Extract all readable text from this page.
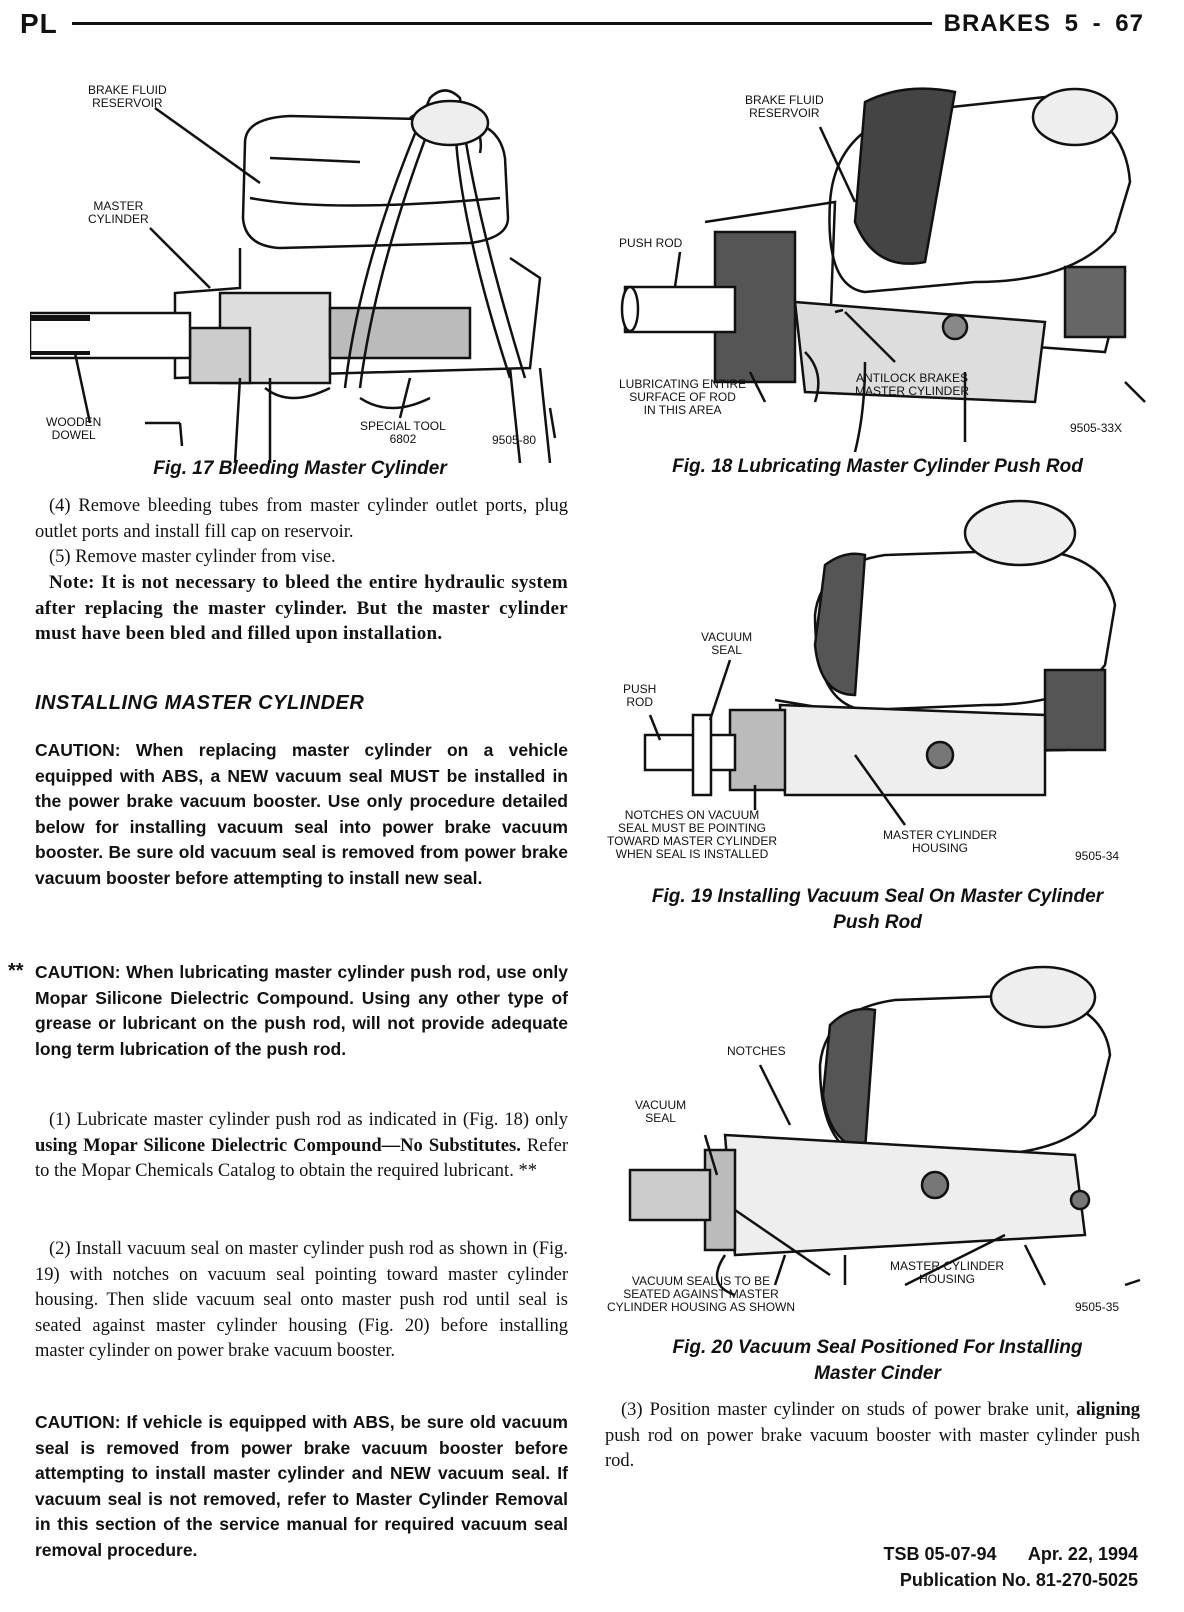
PL	BRAKES 5 - 67
BRAKE FLUID
RESERVOIR
MASTER
CYLINDER
WOODEN
DOWEL
SPECIAL TOOL
6802	9505-80
Fig. 17 Bleeding Master Cylinder
BRAKE FLUID
RESERVOIR
PUSH ROD
LUBRICATING ENTIRE
SURFACE OF ROD
IN THIS AREA
ANTILOCK BRAKES
MASTER CYLINDER
9505-33X
Fig. 18 Lubricating Master Cylinder Push Rod
VACUUM
SEAL
PUSH
ROD
NOTCHES ON VACUUM
SEAL MUST BE POINTING
TOWARD MASTER CYLINDER
WHEN SEAL IS INSTALLED
MASTER CYLINDER
HOUSING
9505-34
Fig. 19 Installing Vacuum Seal On Master Cylinder
Push Rod
NOTCHES
VACUUM
SEAL
VACUUM SEAL IS TO BE
SEATED AGAINST MASTER
CYLINDER HOUSING AS SHOWN
MASTER CYLINDER
HOUSING
9505-35
Fig. 20 Vacuum Seal Positioned For Installing
Master Cinder
(4) Remove bleeding tubes from master cylinder outlet ports, plug outlet ports and install fill cap on reservoir.
(5) Remove master cylinder from vise.
Note: It is not necessary to bleed the entire hydraulic system after replacing the master cylinder. But the master cylinder must have been bled and filled upon installation.
INSTALLING MASTER CYLINDER
CAUTION: When replacing master cylinder on a vehicle equipped with ABS, a NEW vacuum seal MUST be installed in the power brake vacuum booster. Use only procedure detailed below for installing vacuum seal into power brake vacuum booster. Be sure old vacuum seal is removed from power brake vacuum booster before attempting to install new seal.
** CAUTION: When lubricating master cylinder push rod, use only Mopar Silicone Dielectric Compound. Using any other type of grease or lubricant on the push rod, will not provide adequate long term lubrication of the push rod.
(1) Lubricate master cylinder push rod as indicated in (Fig. 18) only using Mopar Silicone Dielectric Compound—No Substitutes. Refer to the Mopar Chemicals Catalog to obtain the required lubricant. **
(2) Install vacuum seal on master cylinder push rod as shown in (Fig. 19) with notches on vacuum seal pointing toward master cylinder housing. Then slide vacuum seal onto master push rod until seal is seated against master cylinder housing (Fig. 20) before installing master cylinder on power brake vacuum booster.
CAUTION: If vehicle is equipped with ABS, be sure old vacuum seal is removed from power brake vacuum booster before attempting to install master cylinder and NEW vacuum seal. If vacuum seal is not removed, refer to Master Cylinder Removal in this section of the service manual for required vacuum seal removal procedure.
(3) Position master cylinder on studs of power brake unit, aligning push rod on power brake vacuum booster with master cylinder push rod.
TSB 05-07-94 Apr. 22, 1994
Publication No. 81-270-5025
